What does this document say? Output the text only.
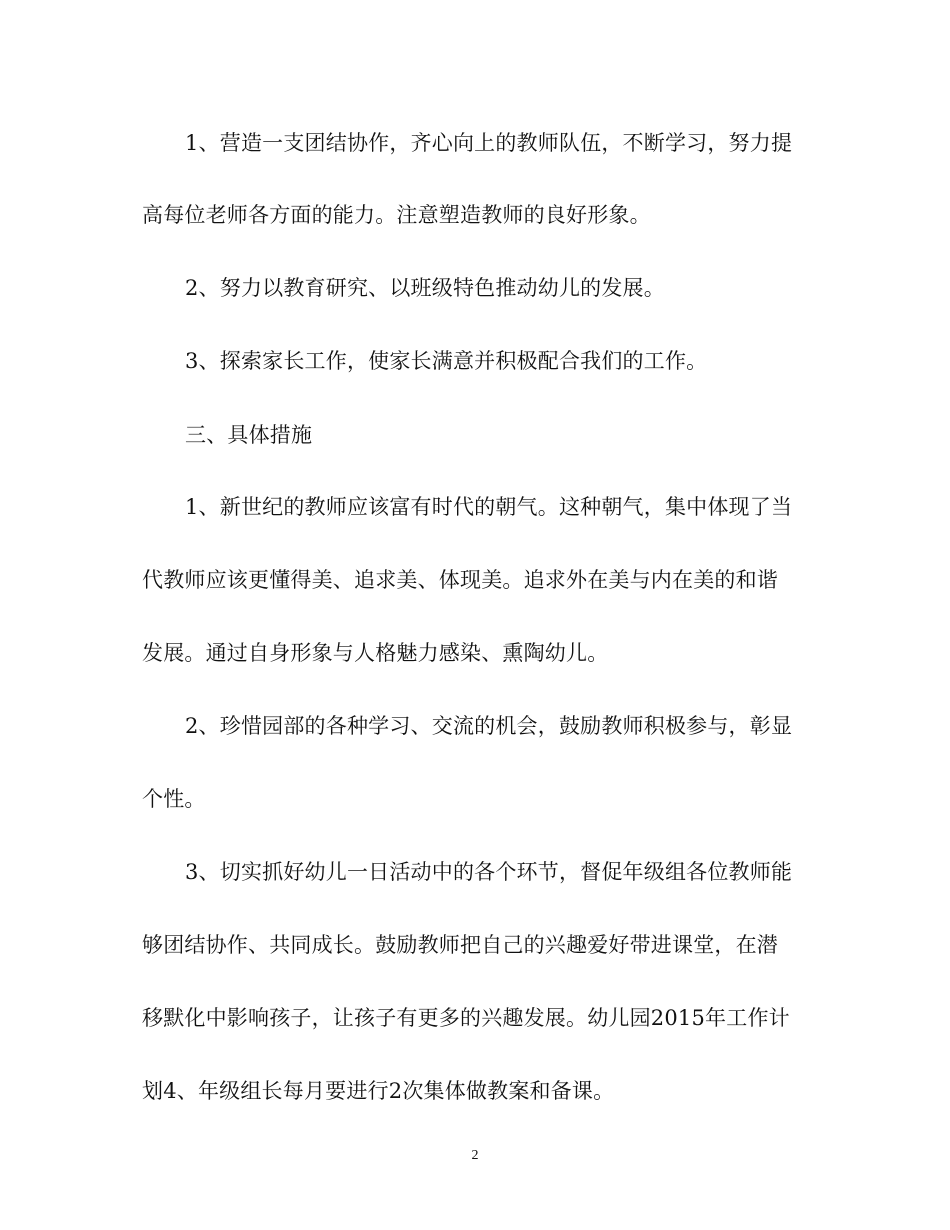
1、营造一支团结协作，齐心向上的教师队伍，不断学习，努力提
高每位老师各方面的能力。注意塑造教师的良好形象。
2、努力以教育研究、以班级特色推动幼儿的发展。
3、探索家长工作，使家长满意并积极配合我们的工作。
三、具体措施
1、新世纪的教师应该富有时代的朝气。这种朝气，集中体现了当
代教师应该更懂得美、追求美、体现美。追求外在美与内在美的和谐
发展。通过自身形象与人格魅力感染、熏陶幼儿。
2、珍惜园部的各种学习、交流的机会，鼓励教师积极参与，彰显
个性。
3、切实抓好幼儿一日活动中的各个环节，督促年级组各位教师能
够团结协作、共同成长。鼓励教师把自己的兴趣爱好带进课堂，在潜
移默化中影响孩子，让孩子有更多的兴趣发展。幼儿园2015年工作计
划4、年级组长每月要进行2次集体做教案和备课。
2
